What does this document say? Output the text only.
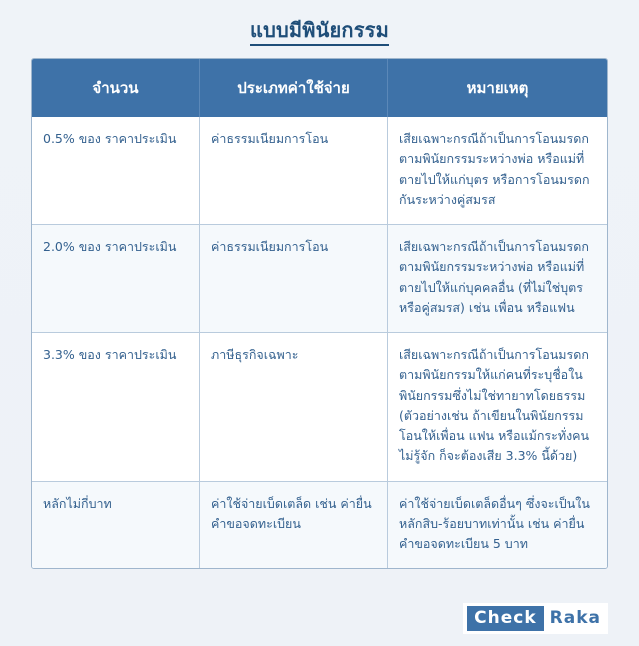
แบบมีพินัยกรรม
จำนวน	ประเภทค่าใช้จ่าย	หมายเหตุ
0.5% ของ ราคาประเมิน	ค่าธรรมเนียมการโอน	เสียเฉพาะกรณีถ้าเป็นการโอนมรดกตามพินัยกรรมระหว่างพ่อ หรือแม่ที่ตายไปให้แก่บุตร หรือการโอนมรดกกันระหว่างคู่สมรส
2.0% ของ ราคาประเมิน	ค่าธรรมเนียมการโอน	เสียเฉพาะกรณีถ้าเป็นการโอนมรดกตามพินัยกรรมระหว่างพ่อ หรือแม่ที่ตายไปให้แก่บุคคลอื่น (ที่ไม่ใช่บุตร หรือคู่สมรส) เช่น เพื่อน หรือแฟน
3.3% ของ ราคาประเมิน	ภาษีธุรกิจเฉพาะ	เสียเฉพาะกรณีถ้าเป็นการโอนมรดกตามพินัยกรรมให้แก่คนที่ระบุชื่อในพินัยกรรมซึ่งไม่ใช่ทายาทโดยธรรม (ตัวอย่างเช่น ถ้าเขียนในพินัยกรรมโอนให้เพื่อน แฟน หรือแม้กระทั่งคนไม่รู้จัก ก็จะต้องเสีย 3.3% นี้ด้วย)
หลักไม่กี่บาท	ค่าใช้จ่ายเบ็ดเตล็ด เช่น ค่ายื่นคำขอจดทะเบียน	ค่าใช้จ่ายเบ็ดเตล็ดอื่นๆ ซึ่งจะเป็นในหลักสิบ-ร้อยบาทเท่านั้น เช่น ค่ายื่นคำขอจดทะเบียน 5 บาท
Check Raka
